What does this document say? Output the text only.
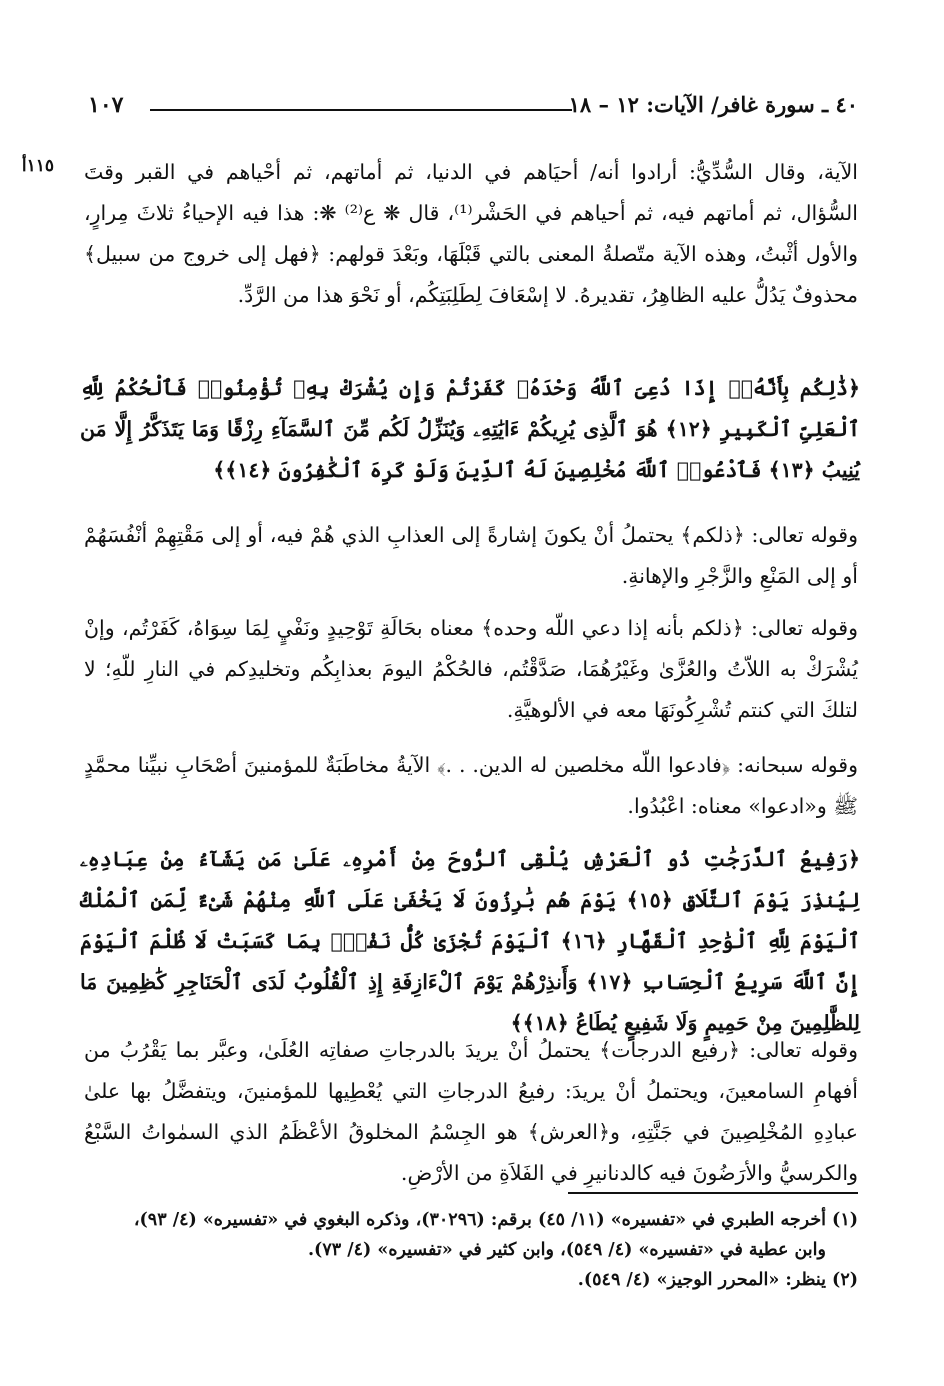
٤٠ ـ سورة غافر/ الآيات: ١٢ – ١٨
١٠٧
١١٥أ الآية، وقال السُّدِّيُّ: أرادوا أنه/ أحيَاهم في الدنيا، ثم أماتهم، ثم أحْياهم في القبر وقتَ السُّؤال، ثم أماتهم فيه، ثم أحياهم في الحَشْر⁽¹⁾، قال ❋ ع⁽²⁾ ❋: هذا فيه الإحياءُ ثلاثَ مِرارٍ، والأول أثْبتُ، وهذه الآية متّصلةُ المعنى بالتي قَبْلَهَا، وبَعْدَ قولهم: ﴿فهل إلى خروج من سبيل﴾ محذوفٌ يَدُلُّ عليه الظاهِرُ، تقديرهُ. لا إسْعَافَ لِطَلِبَتِكُم، أو نَحْوَ هذا من الرَّدِّ.

﴿ذَٰلِكُم بِأَنَّهُۥٓ إِذَا دُعِىَ ٱللَّهُ وَحْدَهُۥ كَفَرْتُمْ وَإِن يُشْرَكْ بِهِۦ تُؤْمِنُوا۟ فَٱلْحُكْمُ لِلَّهِ ٱلْعَلِىِّ ٱلْكَبِيرِ ﴿١٢﴾ هُوَ ٱلَّذِى يُرِيكُمْ ءَايَٰتِهِۦ وَيُنَزِّلُ لَكُم مِّنَ ٱلسَّمَآءِ رِزْقًا وَمَا يَتَذَكَّرُ إِلَّا مَن يُنِيبُ ﴿١٣﴾ فَٱدْعُوا۟ ٱللَّهَ مُخْلِصِينَ لَهُ ٱلدِّينَ وَلَوْ كَرِهَ ٱلْكَٰفِرُونَ ﴿١٤﴾﴾

وقوله تعالى: ﴿ذلكم﴾ يحتملُ أنْ يكونَ إشارةً إلى العذابِ الذي هُمْ فيه، أو إلى مَقْتِهِمْ أنْفُسَهُمْ أو إلى المَنْعِ والزَّجْرِ والإهانةِ.

وقوله تعالى: ﴿ذلكم بأنه إذا دعي اللّه وحده﴾ معناه بحَالَةِ تَوْحِيدٍ ونَفْيٍ لِمَا سِوَاهُ، كَفَرْتُم، وإنْ يُشْرَكْ به اللاّتُ والعُزَّىٰ وغَيْرُهُمَا، صَدَّقْتُم، فالحُكْمُ اليومَ بعذابِكُم وتخليدِكم في النارِ للّهِ؛ لا لتلكَ التي كنتم تُشْرِكُونَهَا معه في الألوهيَّةِ.

وقوله سبحانه: ﴿فادعوا اللّه مخلصين له الدين. . .﴾ الآيةُ مخاطَبَةٌ للمؤمنينَ أصْحَابِ نبيِّنا محمَّدٍ ﷺ و«ادعوا» معناه: اعْبُدُوا.

﴿رَفِيعُ ٱلدَّرَجَٰتِ ذُو ٱلْعَرْشِ يُلْقِى ٱلرُّوحَ مِنْ أَمْرِهِۦ عَلَىٰ مَن يَشَآءُ مِنْ عِبَادِهِۦ لِيُنذِرَ يَوْمَ ٱلتَّلَاقِ ﴿١٥﴾ يَوْمَ هُم بَٰرِزُونَ لَا يَخْفَىٰ عَلَى ٱللَّهِ مِنْهُمْ شَىْءٌ لِّمَنِ ٱلْمُلْكُ ٱلْيَوْمَ لِلَّهِ ٱلْوَٰحِدِ ٱلْقَهَّارِ ﴿١٦﴾ ٱلْيَوْمَ تُجْزَىٰ كُلُّ نَفْسٍۭ بِمَا كَسَبَتْ لَا ظُلْمَ ٱلْيَوْمَ إِنَّ ٱللَّهَ سَرِيعُ ٱلْحِسَابِ ﴿١٧﴾ وَأَنذِرْهُمْ يَوْمَ ٱلْءَازِفَةِ إِذِ ٱلْقُلُوبُ لَدَى ٱلْحَنَاجِرِ كَٰظِمِينَ مَا لِلظَّٰلِمِينَ مِنْ حَمِيمٍ وَلَا شَفِيعٍ يُطَاعُ ﴿١٨﴾﴾

وقوله تعالى: ﴿رفيع الدرجات﴾ يحتملُ أنْ يريدَ بالدرجاتِ صفاتِه العُلَىٰ، وعبَّر بما يَقْرُبُ من أفهامِ السامعينَ، ويحتملُ أنْ يريدَ: رفيعُ الدرجاتِ التي يُعْطِيها للمؤمنينَ، ويتفضَّلُ بها علىٰ عبادِهِ المُخْلِصِينَ في جَنَّتِهِ، و﴿العرش﴾ هو الجِسْمُ المخلوقُ الأعْظَمُ الذي السمٰواتُ السَّبْعُ والكرسيُّ والأرَضُونَ فيه كالدنانيرِ في الفَلاَةِ من الأرْضِ.

(١)أخرجه الطبري في «تفسيره» (١١/ ٤٥) برقم: (٣٠٢٩٦)، وذكره البغوي في «تفسيره» (٤/ ٩٣)،
وابن عطية في «تفسيره» (٤/ ٥٤٩)، وابن كثير في «تفسيره» (٤/ ٧٣).
(٢)ينظر: «المحرر الوجيز» (٤/ ٥٤٩).
